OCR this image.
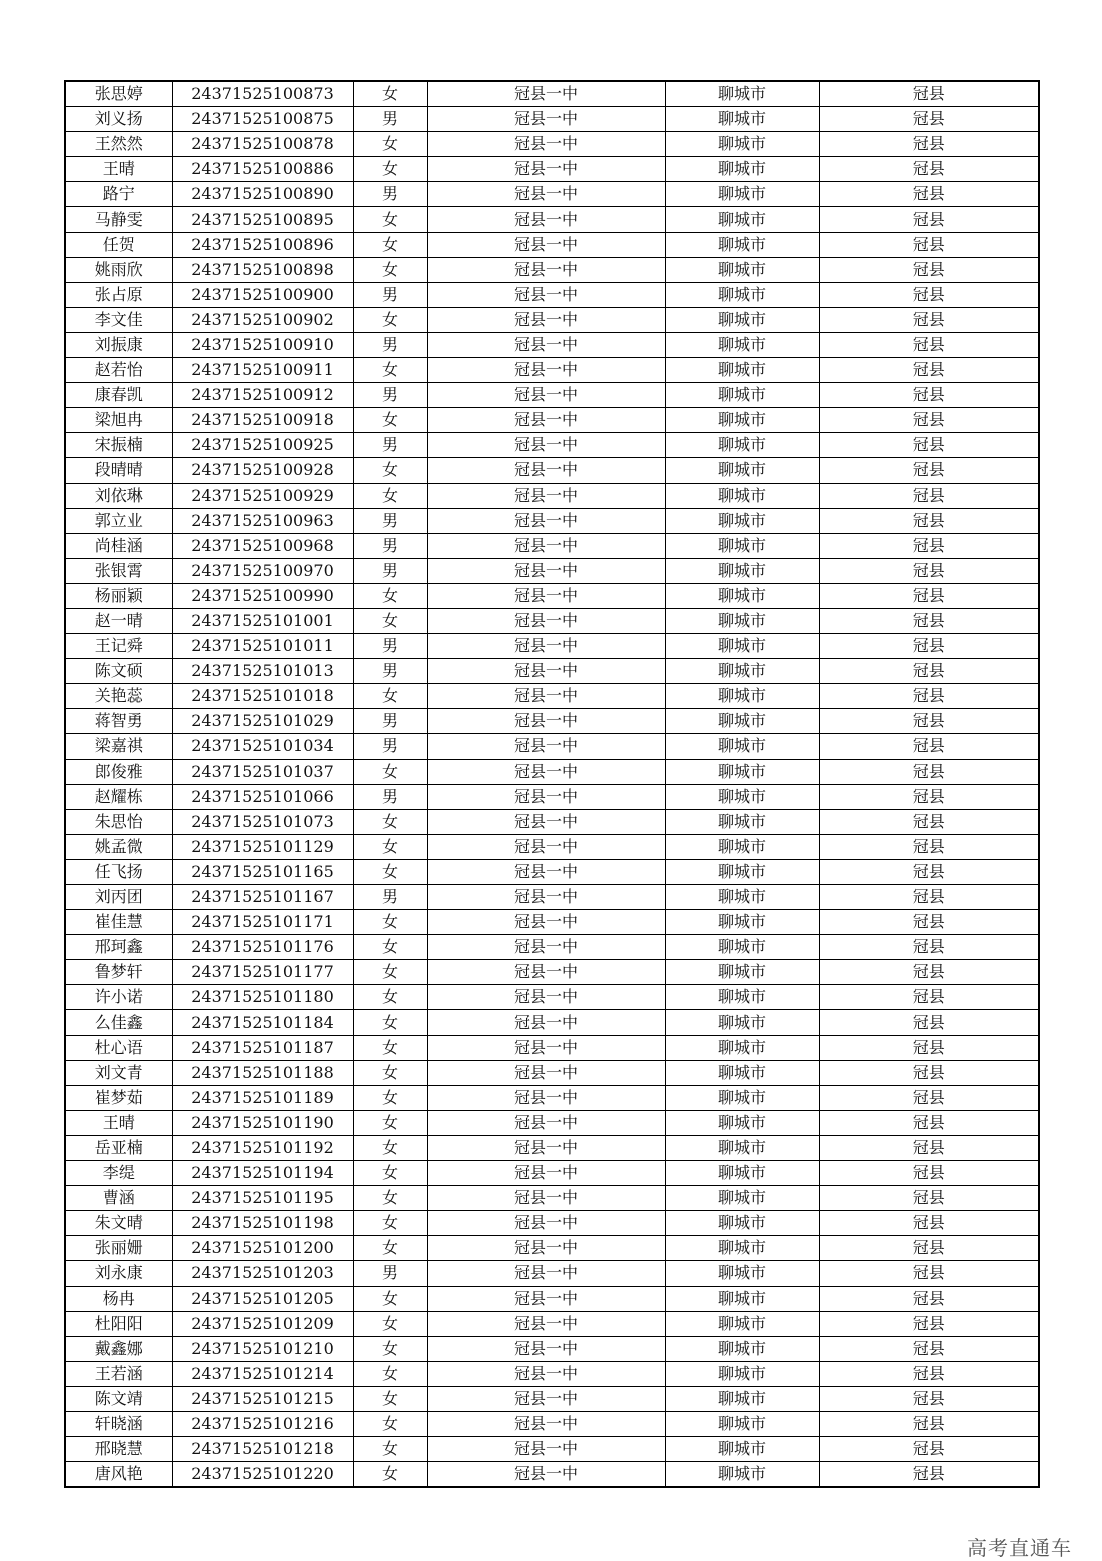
张思婷	24371525100873	女	冠县一中	聊城市	冠县
刘义扬	24371525100875	男	冠县一中	聊城市	冠县
王然然	24371525100878	女	冠县一中	聊城市	冠县
王晴	24371525100886	女	冠县一中	聊城市	冠县
路宁	24371525100890	男	冠县一中	聊城市	冠县
马静雯	24371525100895	女	冠县一中	聊城市	冠县
任贺	24371525100896	女	冠县一中	聊城市	冠县
姚雨欣	24371525100898	女	冠县一中	聊城市	冠县
张占原	24371525100900	男	冠县一中	聊城市	冠县
李文佳	24371525100902	女	冠县一中	聊城市	冠县
刘振康	24371525100910	男	冠县一中	聊城市	冠县
赵若怡	24371525100911	女	冠县一中	聊城市	冠县
康春凯	24371525100912	男	冠县一中	聊城市	冠县
梁旭冉	24371525100918	女	冠县一中	聊城市	冠县
宋振楠	24371525100925	男	冠县一中	聊城市	冠县
段晴晴	24371525100928	女	冠县一中	聊城市	冠县
刘依琳	24371525100929	女	冠县一中	聊城市	冠县
郭立业	24371525100963	男	冠县一中	聊城市	冠县
尚桂涵	24371525100968	男	冠县一中	聊城市	冠县
张银霄	24371525100970	男	冠县一中	聊城市	冠县
杨丽颖	24371525100990	女	冠县一中	聊城市	冠县
赵一晴	24371525101001	女	冠县一中	聊城市	冠县
王记舜	24371525101011	男	冠县一中	聊城市	冠县
陈文硕	24371525101013	男	冠县一中	聊城市	冠县
关艳蕊	24371525101018	女	冠县一中	聊城市	冠县
蒋智勇	24371525101029	男	冠县一中	聊城市	冠县
梁嘉祺	24371525101034	男	冠县一中	聊城市	冠县
郎俊雅	24371525101037	女	冠县一中	聊城市	冠县
赵耀栋	24371525101066	男	冠县一中	聊城市	冠县
朱思怡	24371525101073	女	冠县一中	聊城市	冠县
姚孟微	24371525101129	女	冠县一中	聊城市	冠县
任飞扬	24371525101165	女	冠县一中	聊城市	冠县
刘丙团	24371525101167	男	冠县一中	聊城市	冠县
崔佳慧	24371525101171	女	冠县一中	聊城市	冠县
邢珂鑫	24371525101176	女	冠县一中	聊城市	冠县
鲁梦轩	24371525101177	女	冠县一中	聊城市	冠县
许小诺	24371525101180	女	冠县一中	聊城市	冠县
么佳鑫	24371525101184	女	冠县一中	聊城市	冠县
杜心语	24371525101187	女	冠县一中	聊城市	冠县
刘文青	24371525101188	女	冠县一中	聊城市	冠县
崔梦茹	24371525101189	女	冠县一中	聊城市	冠县
王晴	24371525101190	女	冠县一中	聊城市	冠县
岳亚楠	24371525101192	女	冠县一中	聊城市	冠县
李缇	24371525101194	女	冠县一中	聊城市	冠县
曹涵	24371525101195	女	冠县一中	聊城市	冠县
朱文晴	24371525101198	女	冠县一中	聊城市	冠县
张丽姗	24371525101200	女	冠县一中	聊城市	冠县
刘永康	24371525101203	男	冠县一中	聊城市	冠县
杨冉	24371525101205	女	冠县一中	聊城市	冠县
杜阳阳	24371525101209	女	冠县一中	聊城市	冠县
戴鑫娜	24371525101210	女	冠县一中	聊城市	冠县
王若涵	24371525101214	女	冠县一中	聊城市	冠县
陈文靖	24371525101215	女	冠县一中	聊城市	冠县
轩晓涵	24371525101216	女	冠县一中	聊城市	冠县
邢晓慧	24371525101218	女	冠县一中	聊城市	冠县
唐风艳	24371525101220	女	冠县一中	聊城市	冠县
高考直通车
